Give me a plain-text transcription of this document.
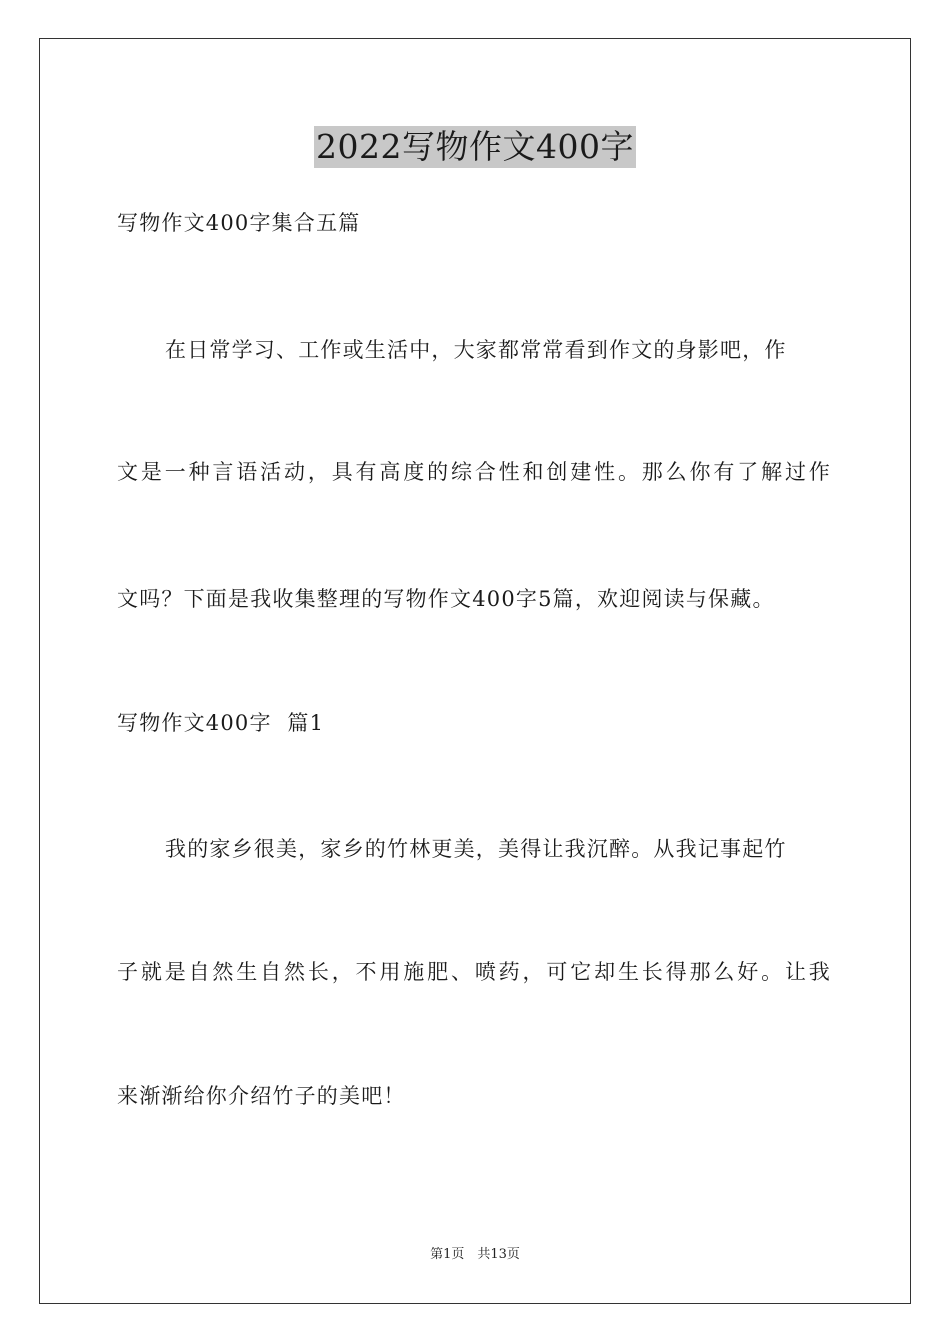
2022写物作文400字
写物作文400字集合五篇
在日常学习、工作或生活中，大家都常常看到作文的身影吧，作
文是一种言语活动，具有高度的综合性和创建性。那么你有了解过作
文吗？下面是我收集整理的写物作文400字5篇，欢迎阅读与保藏。
写物作文400字  篇1
我的家乡很美，家乡的竹林更美，美得让我沉醉。从我记事起竹
子就是自然生自然长，不用施肥、喷药，可它却生长得那么好。让我
来渐渐给你介绍竹子的美吧！
第1页　共13页
